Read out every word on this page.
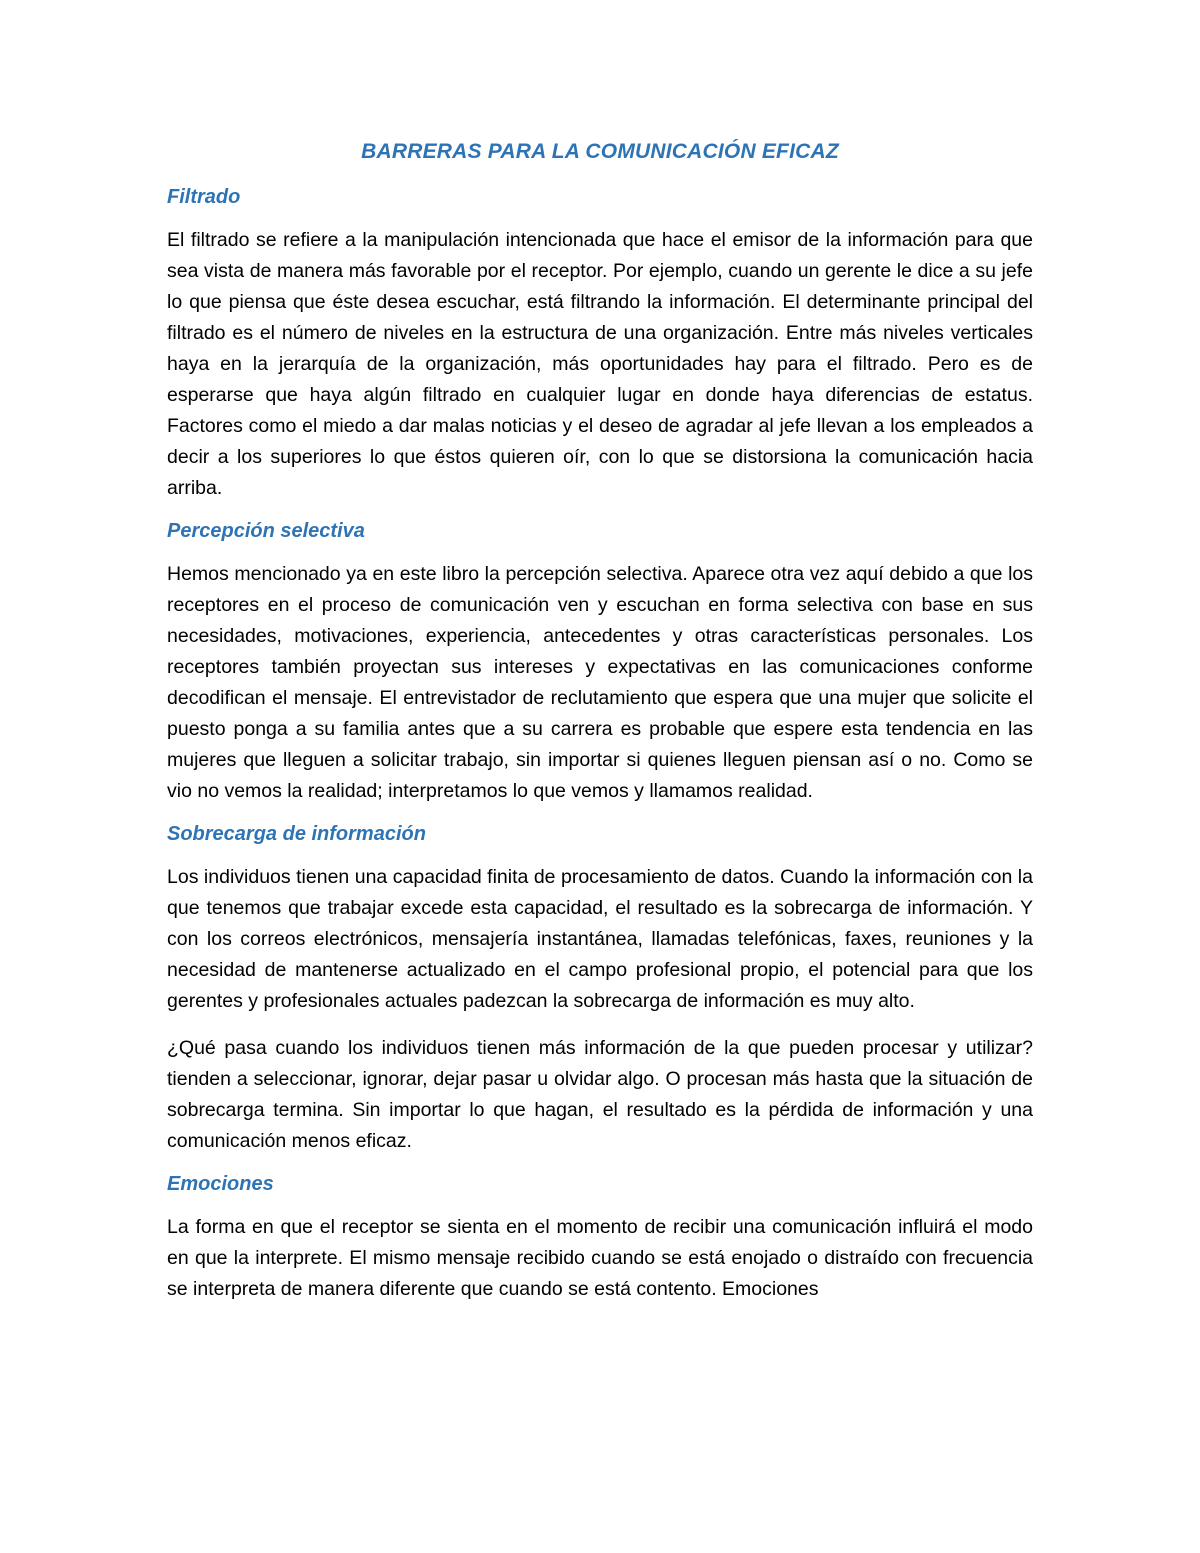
BARRERAS PARA LA COMUNICACIÓN EFICAZ
Filtrado

El filtrado se refiere a la manipulación intencionada que hace el emisor de la información para que sea vista de manera más favorable por el receptor. Por ejemplo, cuando un gerente le dice a su jefe lo que piensa que éste desea escuchar, está filtrando la información. El determinante principal del filtrado es el número de niveles en la estructura de una organización. Entre más niveles verticales haya en la jerarquía de la organización, más oportunidades hay para el filtrado. Pero es de esperarse que haya algún filtrado en cualquier lugar en donde haya diferencias de estatus. Factores como el miedo a dar malas noticias y el deseo de agradar al jefe llevan a los empleados a decir a los superiores lo que éstos quieren oír, con lo que se distorsiona la comunicación hacia arriba.

Percepción selectiva

Hemos mencionado ya en este libro la percepción selectiva. Aparece otra vez aquí debido a que los receptores en el proceso de comunicación ven y escuchan en forma selectiva con base en sus necesidades, motivaciones, experiencia, antecedentes y otras características personales. Los receptores también proyectan sus intereses y expectativas en las comunicaciones conforme decodifican el mensaje. El entrevistador de reclutamiento que espera que una mujer que solicite el puesto ponga a su familia antes que a su carrera es probable que espere esta tendencia en las mujeres que lleguen a solicitar trabajo, sin importar si quienes lleguen piensan así o no. Como se vio no vemos la realidad; interpretamos lo que vemos y llamamos realidad.

Sobrecarga de información

Los individuos tienen una capacidad finita de procesamiento de datos. Cuando la información con la que tenemos que trabajar excede esta capacidad, el resultado es la sobrecarga de información. Y con los correos electrónicos, mensajería instantánea, llamadas telefónicas, faxes, reuniones y la necesidad de mantenerse actualizado en el campo profesional propio, el potencial para que los gerentes y profesionales actuales padezcan la sobrecarga de información es muy alto.

¿Qué pasa cuando los individuos tienen más información de la que pueden procesar y utilizar? tienden a seleccionar, ignorar, dejar pasar u olvidar algo. O procesan más hasta que la situación de sobrecarga termina. Sin importar lo que hagan, el resultado es la pérdida de información y una comunicación menos eficaz.

Emociones

La forma en que el receptor se sienta en el momento de recibir una comunicación influirá el modo en que la interprete. El mismo mensaje recibido cuando se está enojado o distraído con frecuencia se interpreta de manera diferente que cuando se está contento. Emociones
